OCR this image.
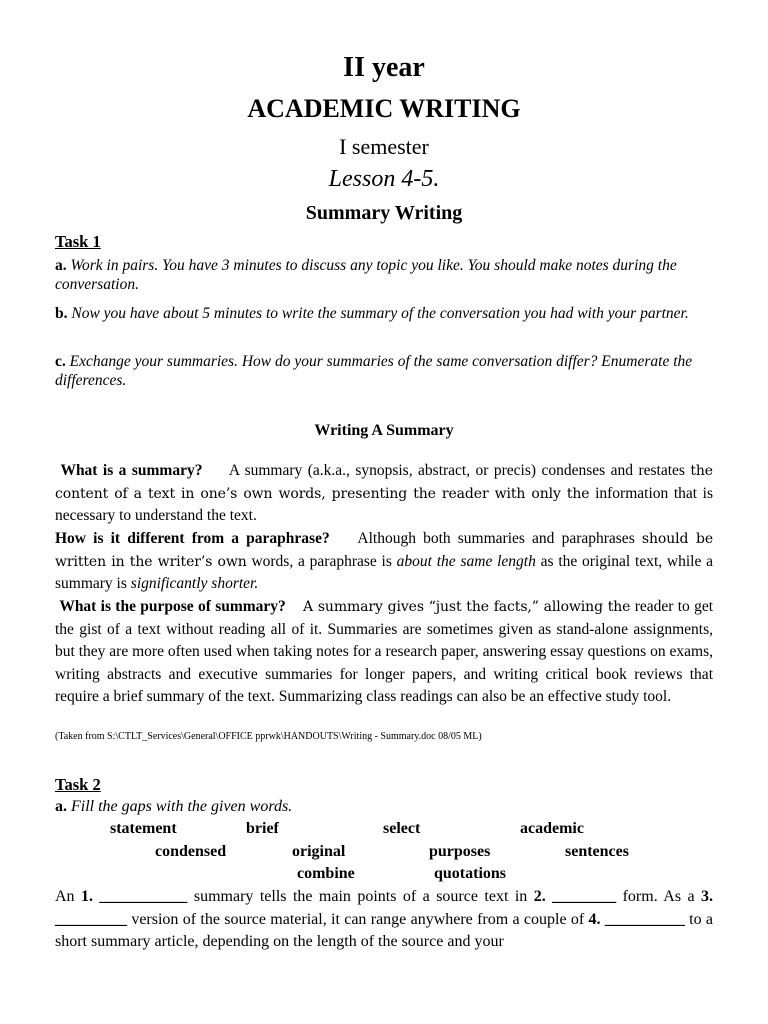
II year
ACADEMIC WRITING
I semester
Lesson 4-5.
Summary Writing
Task 1
a. Work in pairs. You have 3 minutes to discuss any topic you like. You should make notes during the conversation.
b. Now you have about 5 minutes to write the summary of the conversation you had with your partner.
c. Exchange your summaries. How do your summaries of the same conversation differ? Enumerate the differences.
Writing A Summary
What is a summary? A summary (a.k.a., synopsis, abstract, or precis) condenses and restates the content of a text in one’s own words, presenting the reader with only the information that is necessary to understand the text.
How is it different from a paraphrase? Although both summaries and paraphrases should be written in the writer’s own words, a paraphrase is about the same length as the original text, while a summary is significantly shorter.
What is the purpose of summary? A summary gives “just the facts,” allowing the reader to get the gist of a text without reading all of it. Summaries are sometimes given as stand-alone assignments, but they are more often used when taking notes for a research paper, answering essay questions on exams, writing abstracts and executive summaries for longer papers, and writing critical book reviews that require a brief summary of the text. Summarizing class readings can also be an effective study tool.
(Taken from S:\CTLT_Services\General\OFFICE pprwk\HANDOUTS\Writing - Summary.doc 08/05 ML)
Task 2
a. Fill the gaps with the given words.
statement	brief	select	academic
condensed	original	purposes	sentences
combine	quotations
An 1. ___________ summary tells the main points of a source text in 2. ________ form. As a 3. _________ version of the source material, it can range anywhere from a couple of 4. __________ to a short summary article, depending on the length of the source and your
